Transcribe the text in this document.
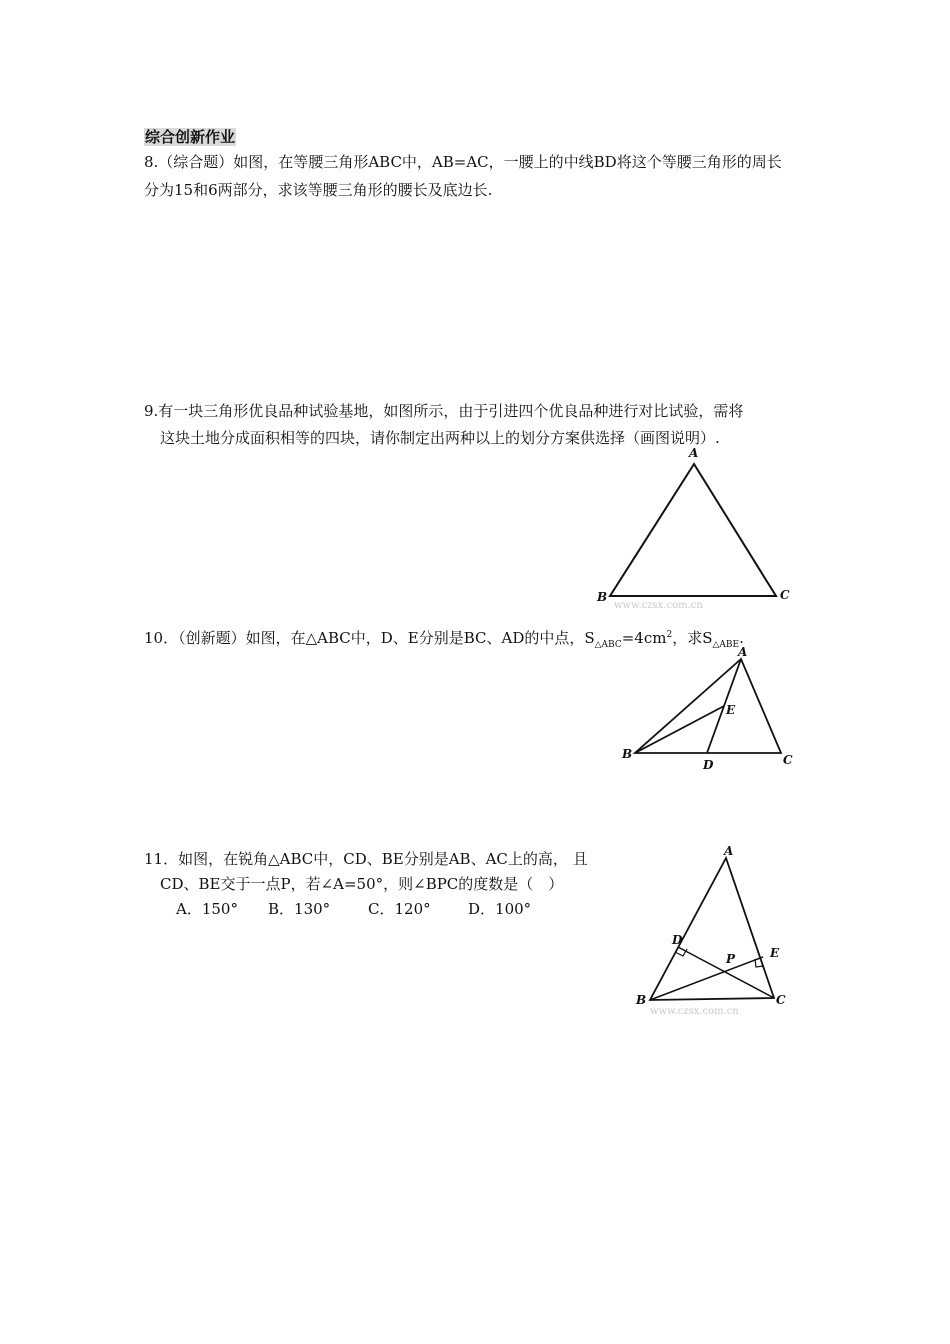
综合创新作业
8.（综合题）如图，在等腰三角形ABC中，AB=AC，一腰上的中线BD将这个等腰三角形的周长
分为15和6两部分，求该等腰三角形的腰长及底边长.
9.有一块三角形优良品种试验基地，如图所示，由于引进四个优良品种进行对比试验，需将
这块土地分成面积相等的四块，请你制定出两种以上的划分方案供选择（画图说明）.
A
B	C
www.czsx.com.cn
10．（创新题）如图，在△ABC中，D、E分别是BC、AD的中点，$S_{\triangle ABC}=4cm^2$，求$S_{\triangle ABE}$.
A
B	C
D
E
11．如图，在锐角△ABC中，CD、BE分别是AB、AC上的高， 且
CD、BE交于一点P，若∠A=50°，则∠BPC的度数是（　）
A．150° B．130°	C．120° D．100°
A
B	C
D
E
P
www.czsx.com.cn
